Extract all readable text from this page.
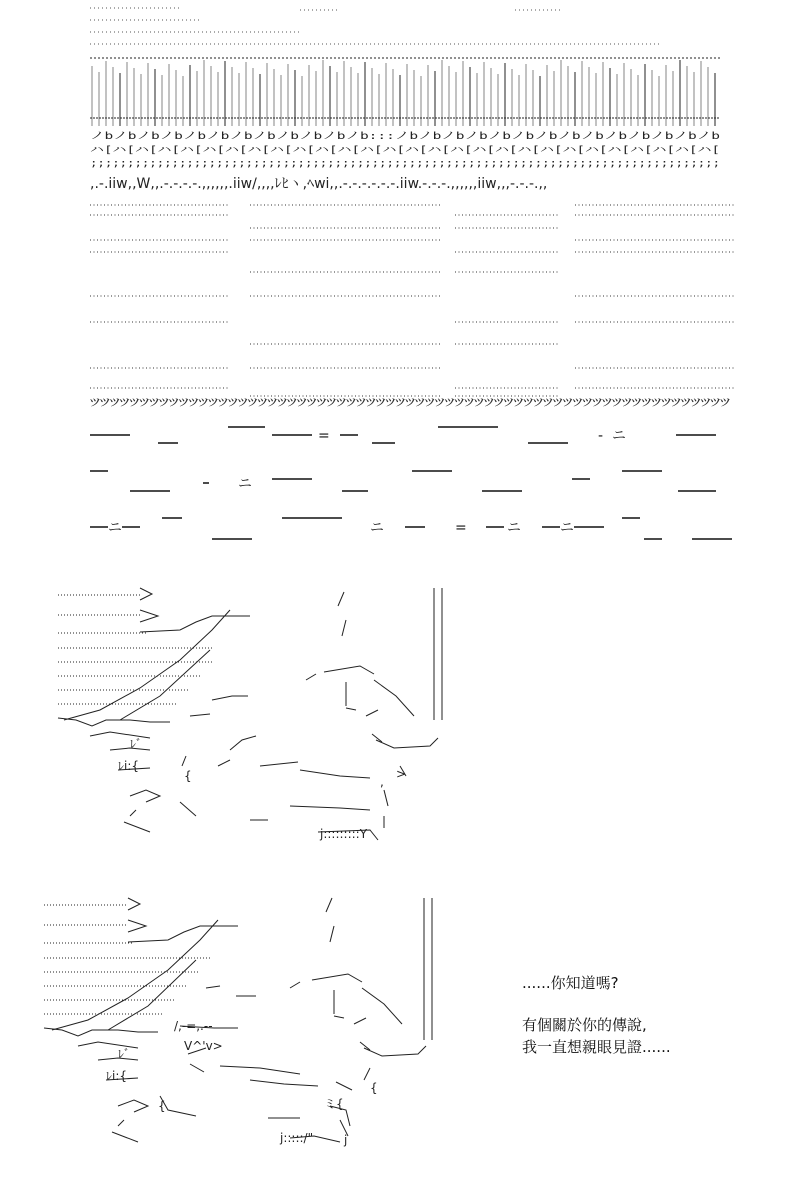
ノbノbノbノbノbノbノbノbノbノbノbノb:::ノbノbノbノbノbノbノbノbノbノbノbノbノbノb
ハ[ハ[ハ[ハ[ハ[ハ[ハ[ハ[ハ[ハ[ハ[ハ[ハ[ハ[ハ[ハ[ハ[ハ[ハ[ハ[ハ[ハ[ハ[ハ[ハ[ハ[ハ[ハ[
;;;;;;;;;;;;;;;;;;;;;;;;;;;;;;;;;;;;;;;;;;;;;;;;;;;;;;;;;;;;;;;;;;;;;;;;;;;;;;;;;;;;;
,.-.iiw,,W,,.-.-.-.-.,,,,,,.iiw/,,,,ﾚﾋヽ,ﾍwi,,.-.-.-.-.-.-.iiw.-.-.-.,,,,,,iiw,,,-.-.-.,,
ﾂﾂﾂﾂﾂﾂﾂﾂﾂﾂﾂﾂﾂﾂﾂﾂﾂﾂﾂﾂﾂﾂﾂﾂﾂﾂﾂﾂﾂﾂﾂﾂﾂﾂﾂﾂﾂﾂﾂﾂﾂﾂﾂﾂﾂﾂﾂﾂﾂﾂﾂﾂﾂﾂﾂﾂﾂﾂﾂﾂﾂﾂﾂﾂﾂ
=	- ニ
ニ
ニ	ニ	=	ニ	ニ
ﾚﾞ
ﾚi:{
{	,
>
j:::::::::Y
ﾚﾞ
ﾚi:{
/,-=,.--
V^'v>
{
{
ミ{
j:::::/"	j

......你知道嗎?

有個關於你的傳說,

我一直想親眼見證......
